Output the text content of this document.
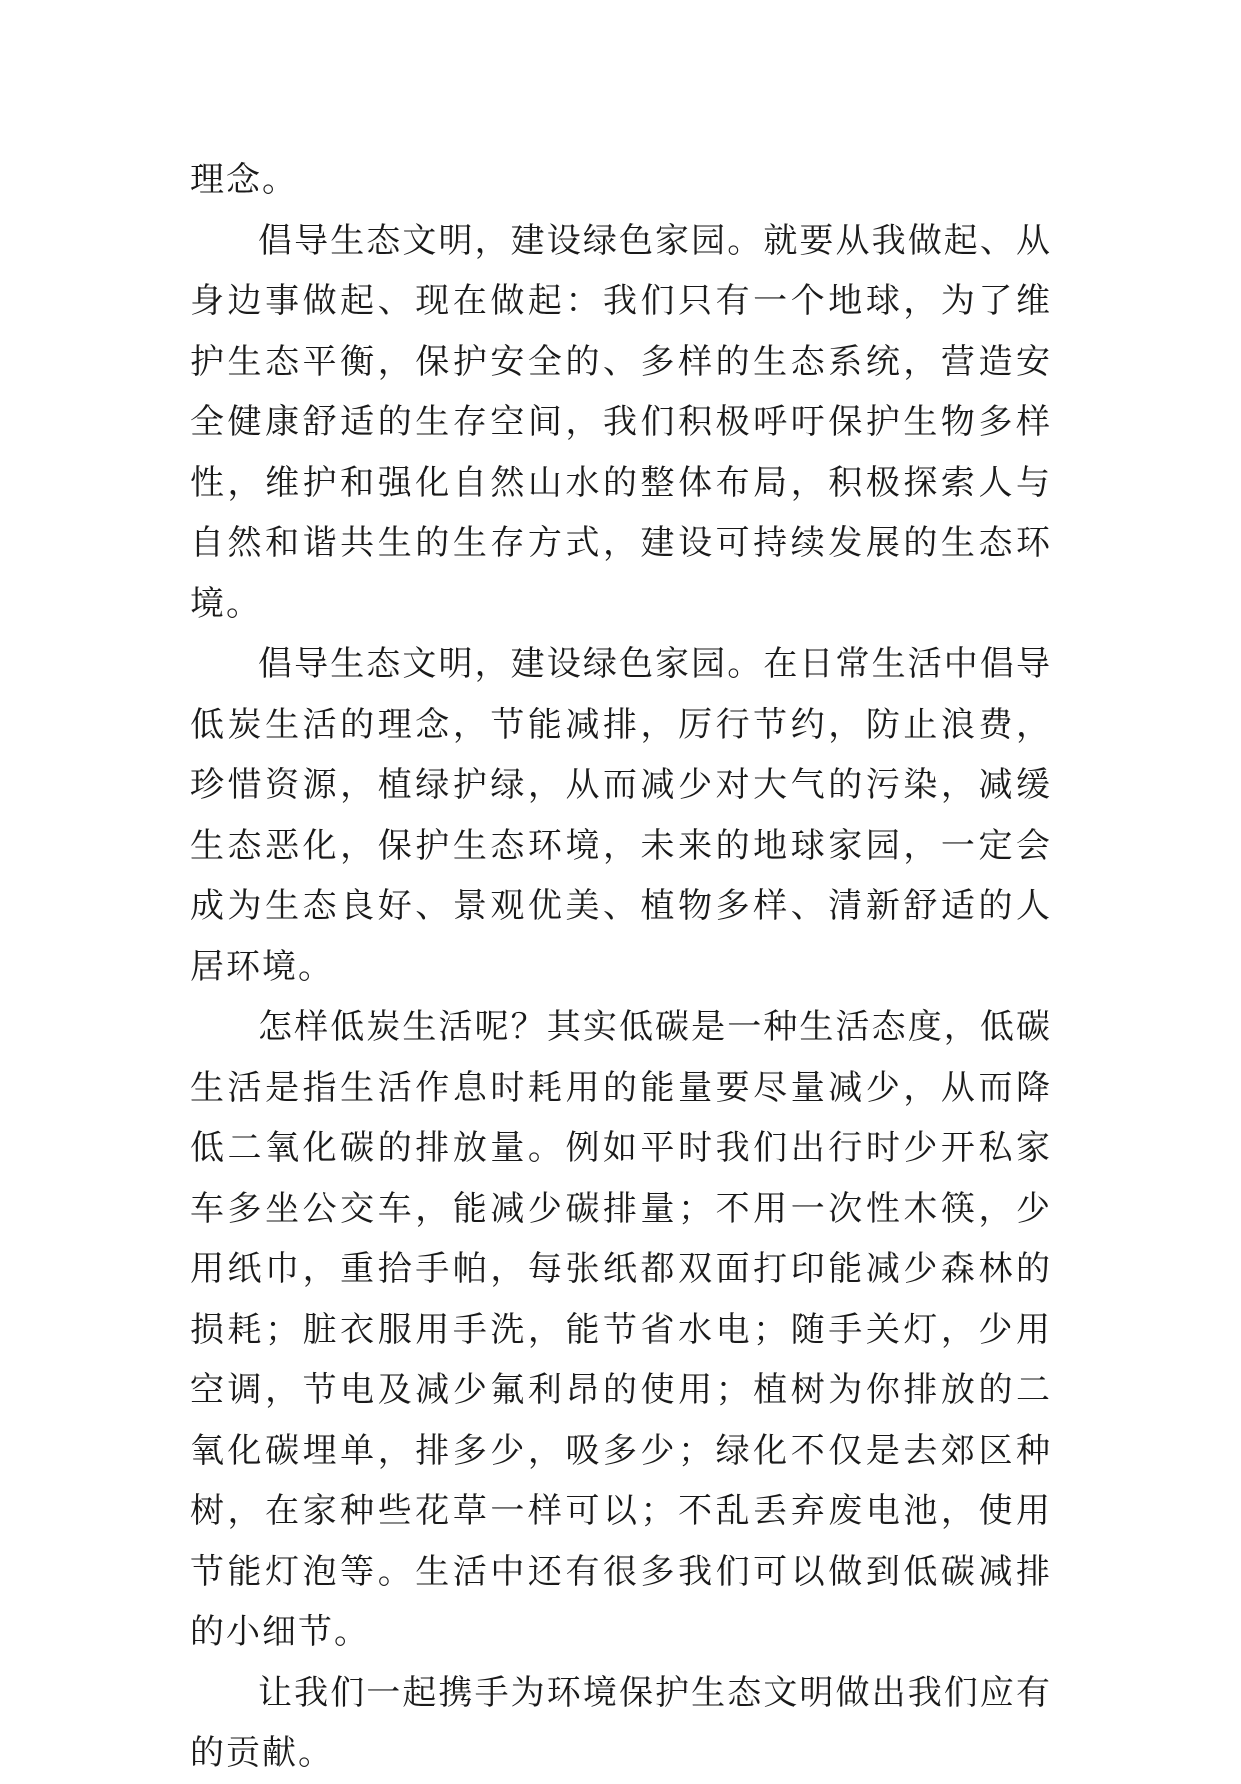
理念。

倡导生态文明，建设绿色家园。就要从我做起、从身边事做起、现在做起：我们只有一个地球，为了维护生态平衡，保护安全的、多样的生态系统，营造安全健康舒适的生存空间，我们积极呼吁保护生物多样性，维护和强化自然山水的整体布局，积极探索人与自然和谐共生的生存方式，建设可持续发展的生态环境。

倡导生态文明，建设绿色家园。在日常生活中倡导低炭生活的理念，节能减排，厉行节约，防止浪费，珍惜资源，植绿护绿，从而减少对大气的污染，减缓生态恶化，保护生态环境，未来的地球家园，一定会成为生态良好、景观优美、植物多样、清新舒适的人居环境。

怎样低炭生活呢？其实低碳是一种生活态度，低碳生活是指生活作息时耗用的能量要尽量减少，从而降低二氧化碳的排放量。例如平时我们出行时少开私家车多坐公交车，能减少碳排量；不用一次性木筷，少用纸巾，重拾手帕，每张纸都双面打印能减少森林的损耗；脏衣服用手洗，能节省水电；随手关灯，少用空调，节电及减少氟利昂的使用；植树为你排放的二氧化碳埋单，排多少，吸多少；绿化不仅是去郊区种树，在家种些花草一样可以；不乱丢弃废电池，使用节能灯泡等。生活中还有很多我们可以做到低碳减排的小细节。

让我们一起携手为环境保护生态文明做出我们应有的贡献。
